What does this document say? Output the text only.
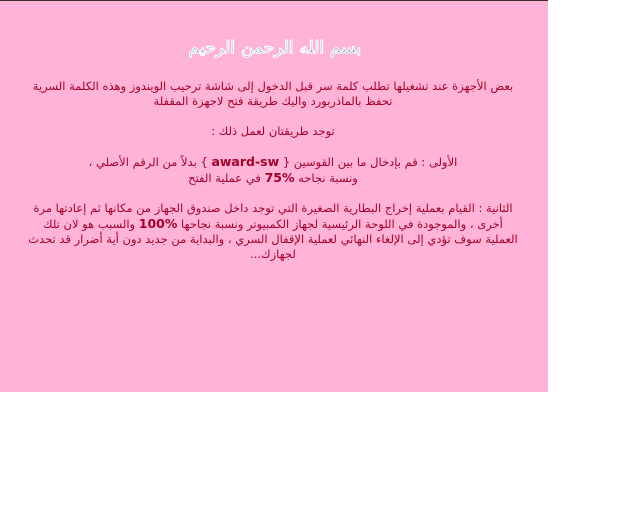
بسم الله الرحمن الرحيم

بعض الأجهزة عند تشغيلها تطلب كلمة سر قبل الدخول إلى شاشة ترحيب الويندوز وهذه الكلمة السرية
تحفظ بالماذربورد واليك طريقة فتح لاجهزة المقفلة

توجد طريقتان لعمل ذلك :

الأولى : قم بإدخال ما بين القوسين { award-sw } بدلاً من الرقم الأصلي ،
ونسبة نجاحه 75% في عملية الفتح

الثانية : القيام بعملية إخراج البطارية الصغيرة التي توجد داخل صندوق الجهاز من مكانها ثم إعادتها مرة
أخرى ، والموجودة في اللوحة الرئيسية لجهاز الكمبيوتر ونسبة نجاحها 100% والسبب هو لان تلك
العملية سوف تؤدي إلى الإلغاء النهائي لعملية الإقفال السري ، والبداية من جديد دون أية أضرار قد تحدث
لجهازك...
